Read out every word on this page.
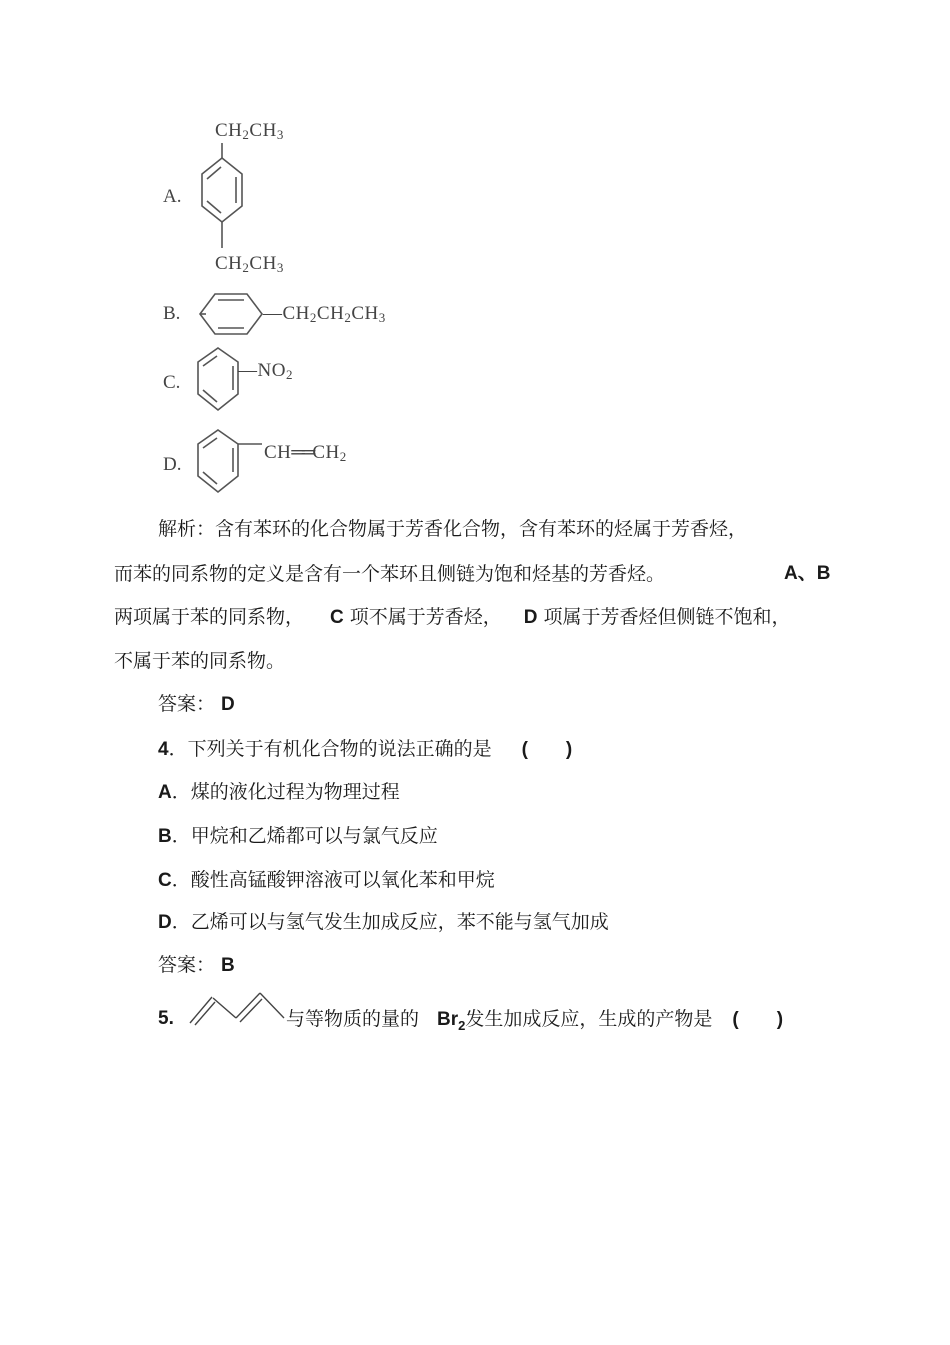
$CH_2CH_3$
A.
$CH_2CH_3$
B.	$—CH_2CH_2CH_3$
C.
$—NO_2$
D.
$CH══CH_2$
解析：含有苯环的化合物属于芳香化合物，含有苯环的烃属于芳香烃，
而苯的同系物的定义是含有一个苯环且侧链为饱和烃基的芳香烃。	A、B
两项属于苯的同系物， C 项不属于芳香烃， D 项属于芳香烃但侧链不饱和，
不属于苯的同系物。
答案： D
4．下列关于有机化合物的说法正确的是 (　　)
A．煤的液化过程为物理过程
B．甲烷和乙烯都可以与氯气反应
C．酸性高锰酸钾溶液可以氧化苯和甲烷
D．乙烯可以与氢气发生加成反应，苯不能与氢气加成
答案： B
5.	与等物质的量的 $Br_2$发生加成反应，生成的产物是 (　　)
